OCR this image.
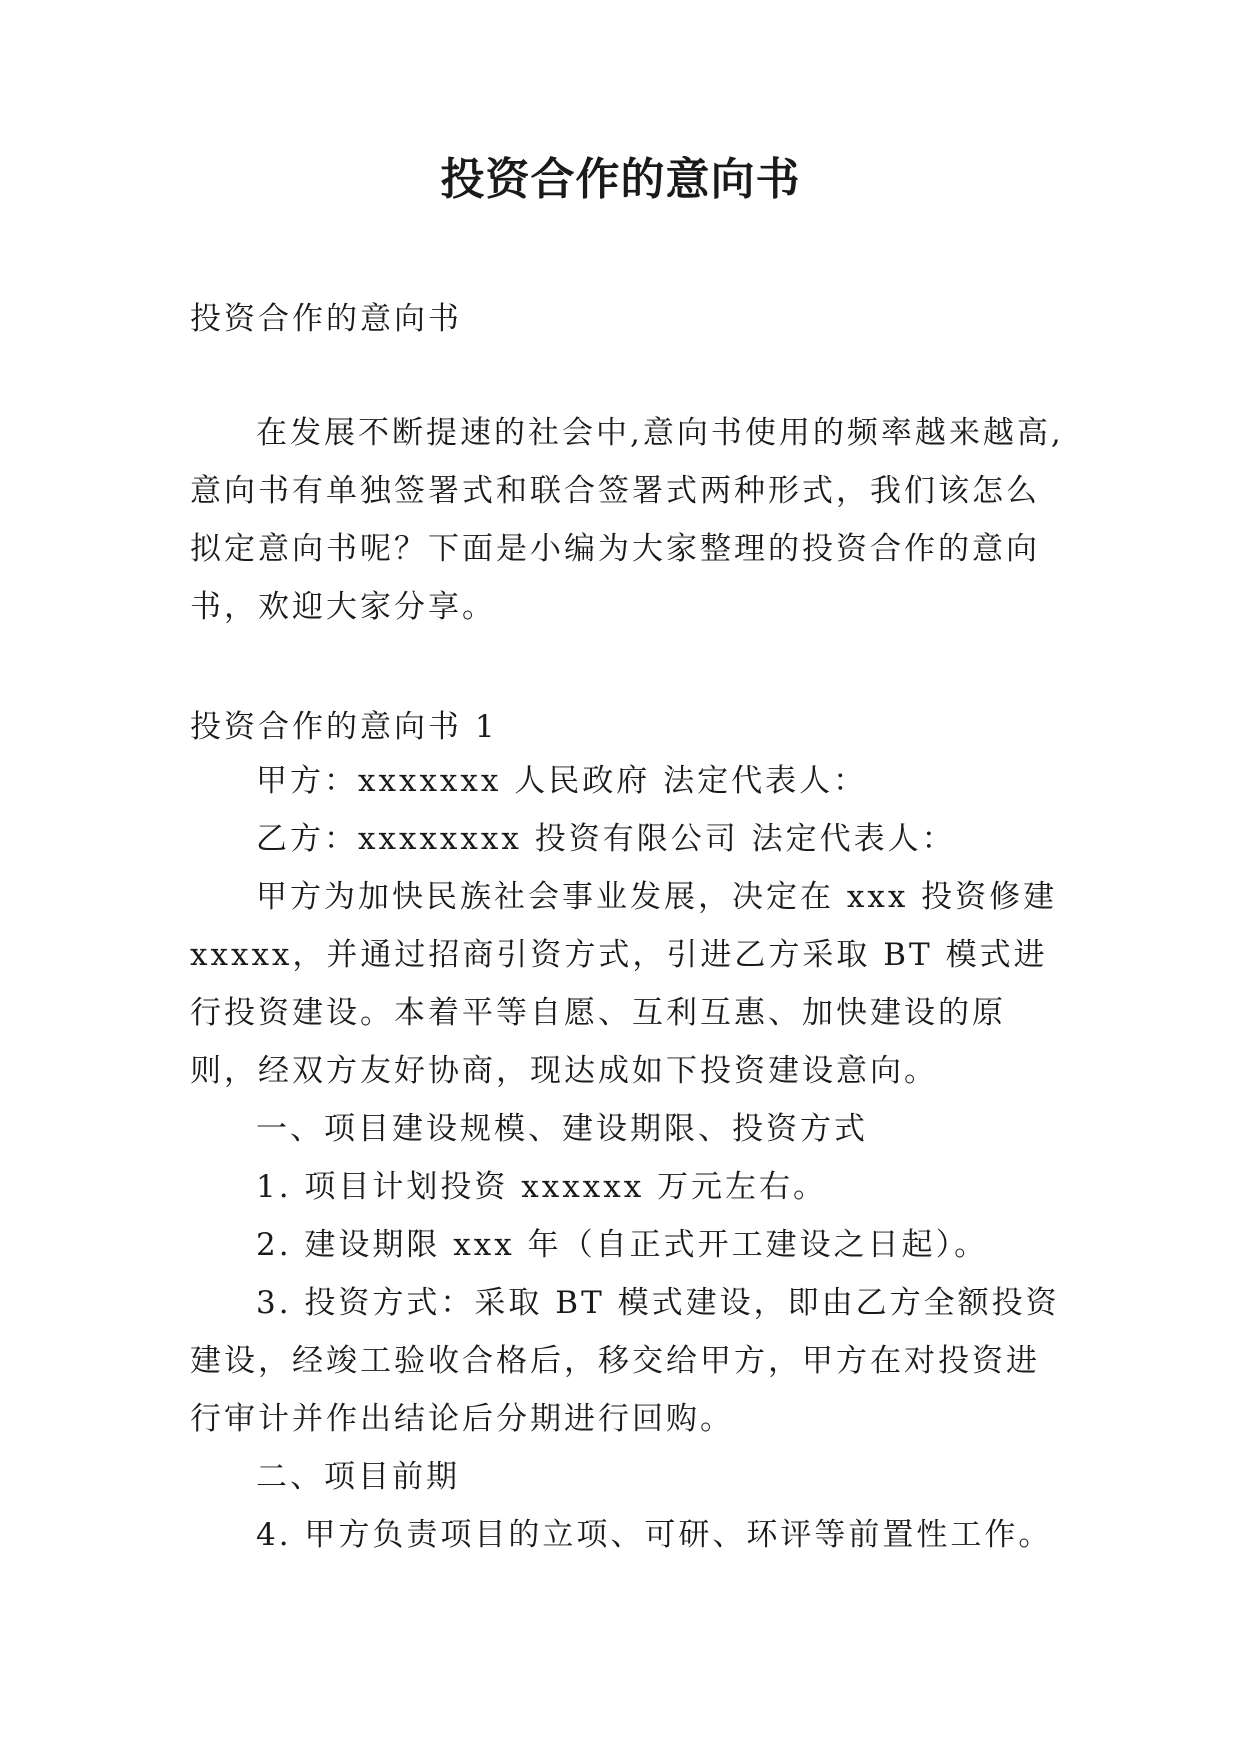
投资合作的意向书

投资合作的意向书

在发展不断提速的社会中,意向书使用的频率越来越高,意向书有单独签署式和联合签署式两种形式，我们该怎么拟定意向书呢？下面是小编为大家整理的投资合作的意向书，欢迎大家分享。

投资合作的意向书 1

甲方：xxxxxxx 人民政府 法定代表人：

乙方：xxxxxxxx 投资有限公司 法定代表人：

甲方为加快民族社会事业发展，决定在 xxx 投资修建 xxxxx，并通过招商引资方式，引进乙方采取 BT 模式进行投资建设。本着平等自愿、互利互惠、加快建设的原则，经双方友好协商，现达成如下投资建设意向。

一、项目建设规模、建设期限、投资方式

1. 项目计划投资 xxxxxx 万元左右。

2. 建设期限 xxx 年（自正式开工建设之日起）。

3. 投资方式：采取 BT 模式建设，即由乙方全额投资建设，经竣工验收合格后，移交给甲方，甲方在对投资进行审计并作出结论后分期进行回购。

二、项目前期

4. 甲方负责项目的立项、可研、环评等前置性工作。
